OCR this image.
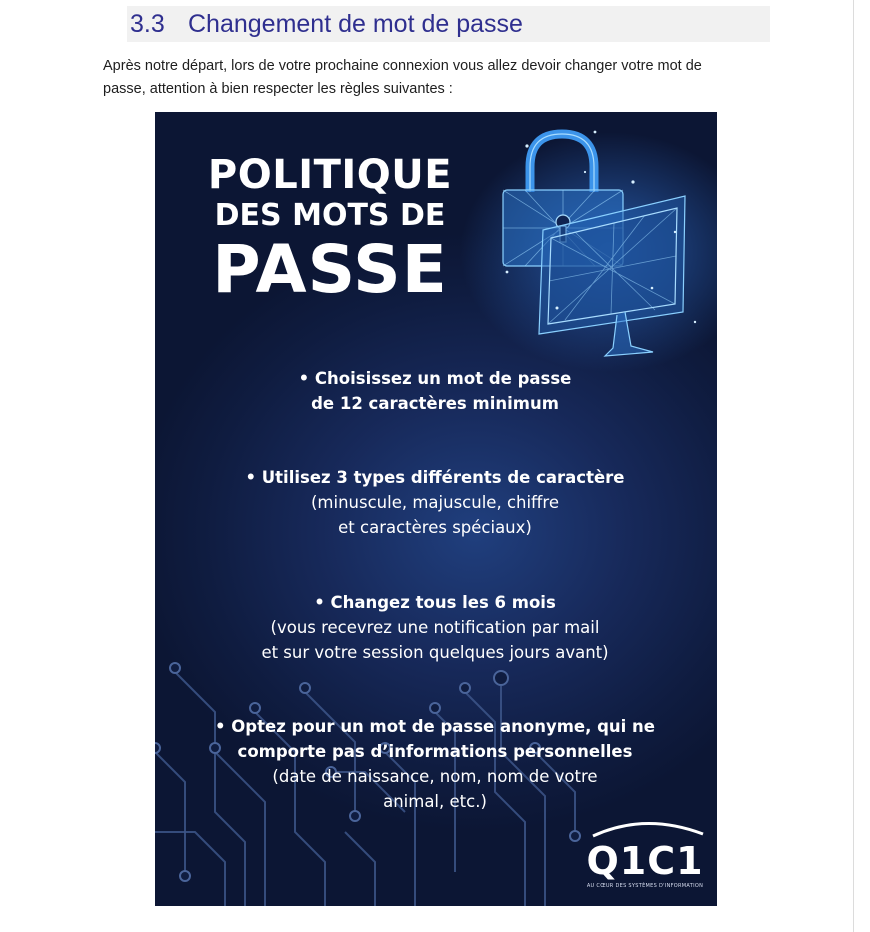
3.3 Changement de mot de passe
Après notre départ, lors de votre prochaine connexion vous allez devoir changer votre mot de
passe, attention à bien respecter les règles suivantes :
POLITIQUE
DES MOTS DE
PASSE
• Choisissez un mot de passe
de 12 caractères minimum
• Utilisez 3 types différents de caractère
(minuscule, majuscule, chiffre
et caractères spéciaux)
• Changez tous les 6 mois
(vous recevrez une notification par mail
et sur votre session quelques jours avant)
• Optez pour un mot de passe anonyme, qui ne
comporte pas d’informations personnelles
(date de naissance, nom, nom de votre
animal, etc.)
Q1C1
AU CŒUR DES SYSTÈMES D'INFORMATION
